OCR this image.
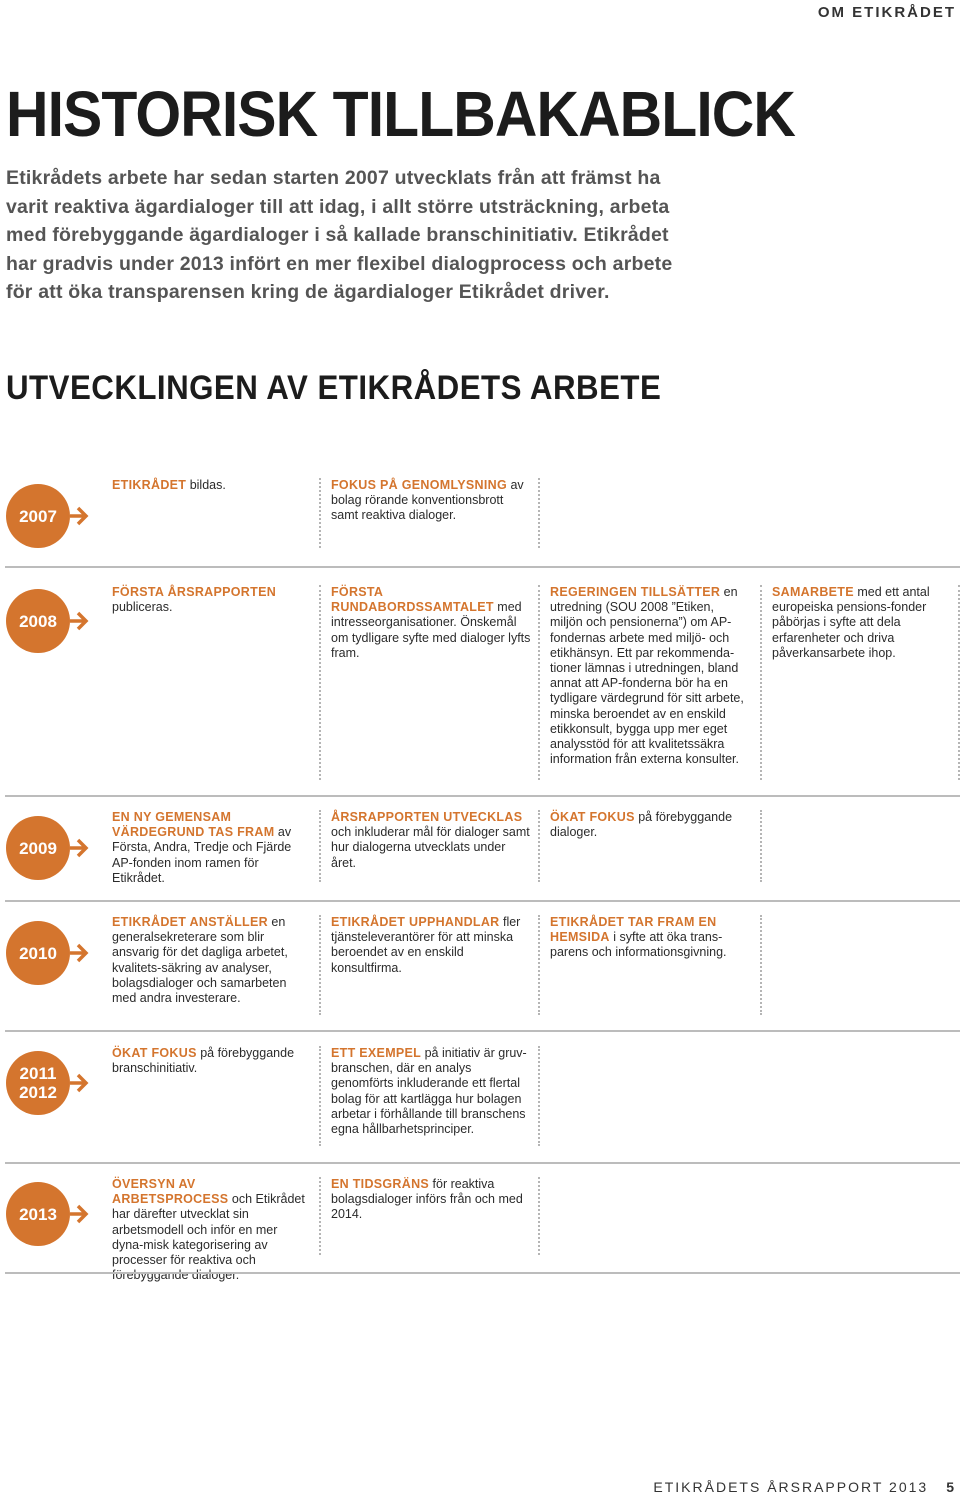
OM ETIKRÅDET
HISTORISK TILLBAKABLICK

Etikrådets arbete har sedan starten 2007 utvecklats från att främst ha varit reaktiva ägardialoger till att idag, i allt större utsträckning, arbeta med förebyggande ägardialoger i så kallade branschinitiativ. Etikrådet har gradvis under 2013 infört en mer flexibel dialogprocess och arbete för att öka transparensen kring de ägardialoger Etikrådet driver.

UTVECKLINGEN AV ETIKRÅDETS ARBETE
2007
ETIKRÅDET bildas.	FOKUS PÅ GENOMLYSNING av bolag rörande konventionsbrott samt reaktiva dialoger.
2008
FÖRSTA ÅRSRAPPORTEN publiceras.
FÖRSTA RUNDABORDSSAMTALET med intresseorganisationer. Önskemål om tydligare syfte med dialoger lyfts fram.
REGERINGEN TILLSÄTTER en utredning (SOU 2008 ”Etiken, miljön och pensionerna”) om AP-fondernas arbete med miljö- och etikhänsyn. Ett par rekommenda-tioner lämnas i utredningen, bland annat att AP-fonderna bör ha en tydligare värdegrund för sitt arbete, minska beroendet av en enskild etikkonsult, bygga upp mer eget analysstöd för att kvalitetssäkra information från externa konsulter.
SAMARBETE med ett antal europeiska pensions-fonder påbörjas i syfte att dela erfarenheter och driva påverkansarbete ihop.
2009
EN NY GEMENSAM VÄRDEGRUND TAS FRAM av Första, Andra, Tredje och Fjärde AP-fonden inom ramen för Etikrådet.
ÅRSRAPPORTEN UTVECKLAS och inkluderar mål för dialoger samt hur dialogerna utvecklats under året.
ÖKAT FOKUS på förebyggande dialoger.
2010
ETIKRÅDET ANSTÄLLER en generalsekreterare som blir ansvarig för det dagliga arbetet, kvalitets-säkring av analyser, bolagsdialoger och samarbeten med andra investerare.
ETIKRÅDET UPPHANDLAR fler tjänsteleverantörer för att minska beroendet av en enskild konsultfirma.
ETIKRÅDET TAR FRAM EN HEMSIDA i syfte att öka trans-parens och informationsgivning.
2011
2012
ÖKAT FOKUS på förebyggande branschinitiativ.
ETT EXEMPEL på initiativ är gruv-branschen, där en analys genomförts inkluderande ett flertal bolag för att kartlägga hur bolagen arbetar i förhållande till branschens egna hållbarhetsprinciper.
2013
ÖVERSYN AV ARBETSPROCESS och Etikrådet har därefter utvecklat sin arbetsmodell och inför en mer dyna-misk kategorisering av processer för reaktiva och förebyggande dialoger.
EN TIDSGRÄNS för reaktiva bolagsdialoger införs från och med 2014.
ETIKRÅDETS ÅRSRAPPORT 2013 5
